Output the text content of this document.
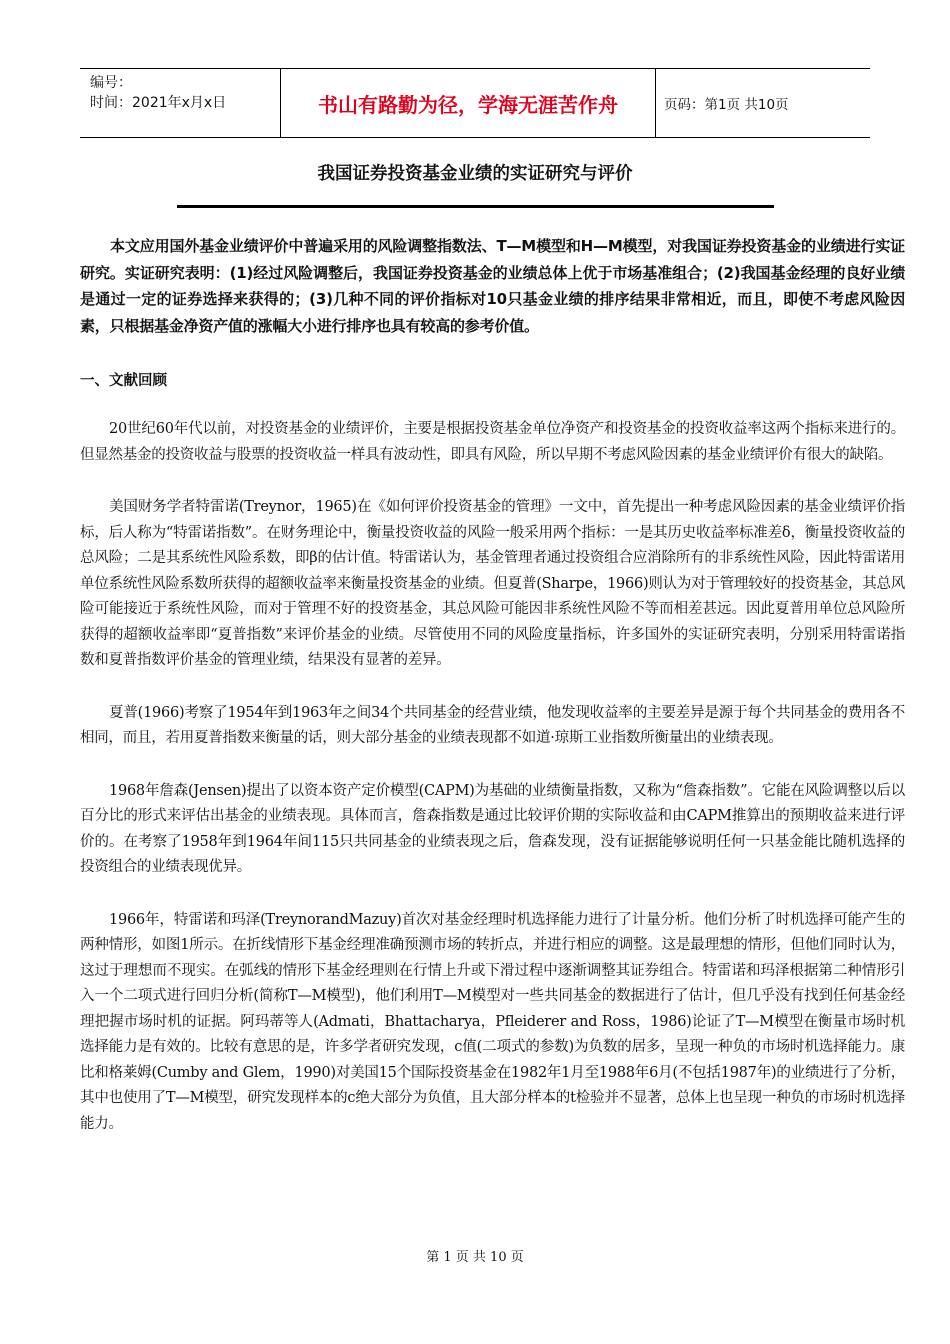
编号：
时间：2021年x月x日	书山有路勤为径，学海无涯苦作舟	页码：第1页 共10页
我国证券投资基金业绩的实证研究与评价

本文应用国外基金业绩评价中普遍采用的风险调整指数法、T—M模型和H—M模型，对我国证券投资基金的业绩进行实证研究。实证研究表明：(1)经过风险调整后，我国证券投资基金的业绩总体上优于市场基准组合；(2)我国基金经理的良好业绩是通过一定的证券选择来获得的；(3)几种不同的评价指标对10只基金业绩的排序结果非常相近，而且，即使不考虑风险因素，只根据基金净资产值的涨幅大小进行排序也具有较高的参考价值。

一、文献回顾

20世纪60年代以前，对投资基金的业绩评价，主要是根据投资基金单位净资产和投资基金的投资收益率这两个指标来进行的。但显然基金的投资收益与股票的投资收益一样具有波动性，即具有风险，所以早期不考虑风险因素的基金业绩评价有很大的缺陷。

美国财务学者特雷诺(Treynor，1965)在《如何评价投资基金的管理》一文中，首先提出一种考虑风险因素的基金业绩评价指标，后人称为“特雷诺指数”。在财务理论中，衡量投资收益的风险一般采用两个指标：一是其历史收益率标准差δ，衡量投资收益的总风险；二是其系统性风险系数，即β的估计值。特雷诺认为，基金管理者通过投资组合应消除所有的非系统性风险，因此特雷诺用单位系统性风险系数所获得的超额收益率来衡量投资基金的业绩。但夏普(Sharpe，1966)则认为对于管理较好的投资基金，其总风险可能接近于系统性风险，而对于管理不好的投资基金，其总风险可能因非系统性风险不等而相差甚远。因此夏普用单位总风险所获得的超额收益率即“夏普指数”来评价基金的业绩。尽管使用不同的风险度量指标，许多国外的实证研究表明，分别采用特雷诺指数和夏普指数评价基金的管理业绩，结果没有显著的差异。

夏普(1966)考察了1954年到1963年之间34个共同基金的经营业绩，他发现收益率的主要差异是源于每个共同基金的费用各不相同，而且，若用夏普指数来衡量的话，则大部分基金的业绩表现都不如道·琼斯工业指数所衡量出的业绩表现。

1968年詹森(Jensen)提出了以资本资产定价模型(CAPM)为基础的业绩衡量指数，又称为“詹森指数”。它能在风险调整以后以百分比的形式来评估出基金的业绩表现。具体而言，詹森指数是通过比较评价期的实际收益和由CAPM推算出的预期收益来进行评价的。在考察了1958年到1964年间115只共同基金的业绩表现之后，詹森发现，没有证据能够说明任何一只基金能比随机选择的投资组合的业绩表现优异。

1966年，特雷诺和玛泽(TreynorandMazuy)首次对基金经理时机选择能力进行了计量分析。他们分析了时机选择可能产生的两种情形，如图1所示。在折线情形下基金经理准确预测市场的转折点，并进行相应的调整。这是最理想的情形，但他们同时认为，这过于理想而不现实。在弧线的情形下基金经理则在行情上升或下滑过程中逐渐调整其证券组合。特雷诺和玛泽根据第二种情形引入一个二项式进行回归分析(简称T—M模型)，他们利用T—M模型对一些共同基金的数据进行了估计，但几乎没有找到任何基金经理把握市场时机的证据。阿玛蒂等人(Admati，Bhattacharya，Pfleiderer and Ross，1986)论证了T—M模型在衡量市场时机选择能力是有效的。比较有意思的是，许多学者研究发现，c值(二项式的参数)为负数的居多，呈现一种负的市场时机选择能力。康比和格莱姆(Cumby and Glem，1990)对美国15个国际投资基金在1982年1月至1988年6月(不包括1987年)的业绩进行了分析，其中也使用了T—M模型，研究发现样本的c绝大部分为负值，且大部分样本的t检验并不显著，总体上也呈现一种负的市场时机选择能力。

第 1 页 共 10 页
